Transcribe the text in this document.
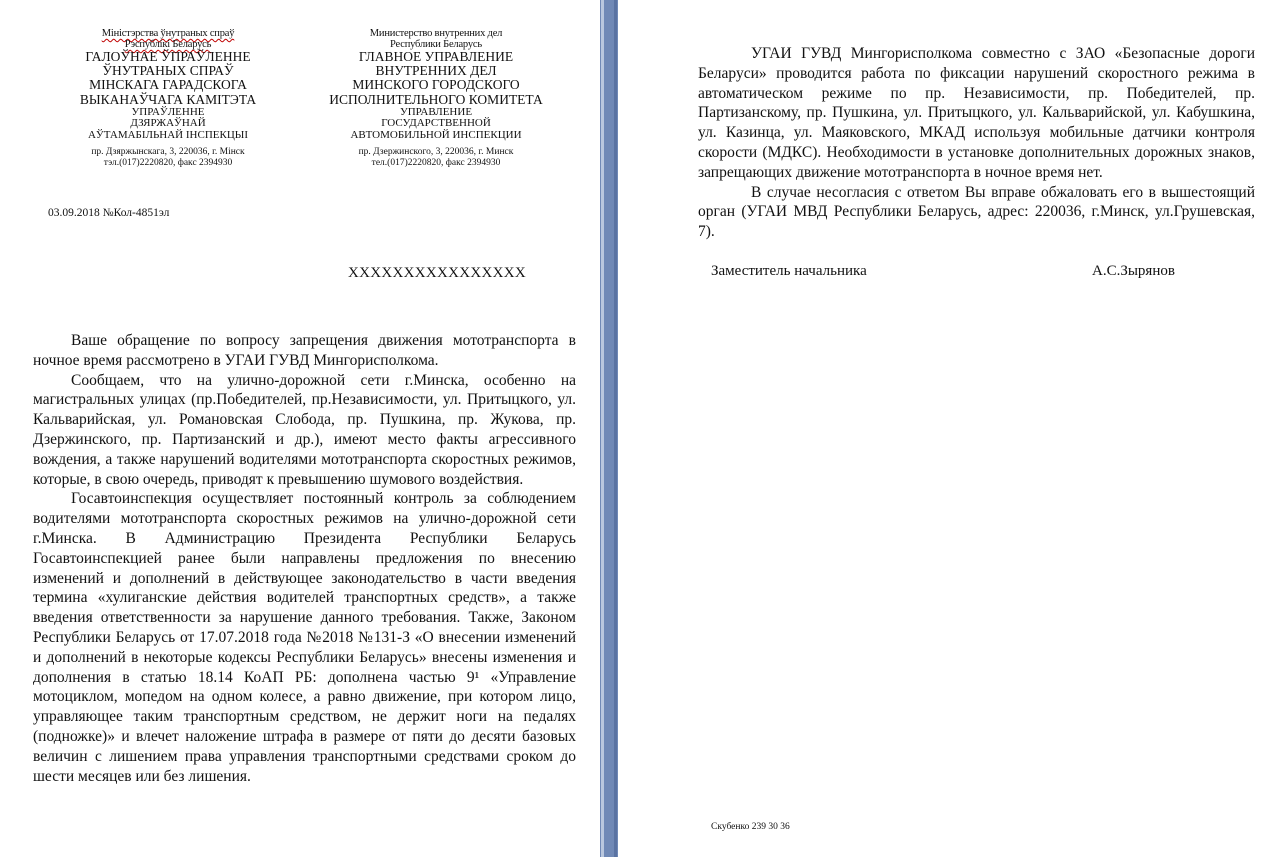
Міністэрства ўнутраных спраў
Рэспублікі Беларусь
ГАЛОЎНАЕ ЎПРАЎЛЕННЕ
ЎНУТРАНЫХ СПРАЎ
МІНСКАГА ГАРАДСКОГА
ВЫКАНАЎЧАГА КАМІТЭТА
УПРАЎЛЕННЕ
ДЗЯРЖАЎНАЙ
АЎТАМАБІЛЬНАЙ ІНСПЕКЦЫІ
пр. Дзяржынскага, 3, 220036, г. Мінск
тэл.(017)2220820, факс 2394930
Министерство внутренних дел
Республики Беларусь
ГЛАВНОЕ УПРАВЛЕНИЕ
ВНУТРЕННИХ ДЕЛ
МИНСКОГО ГОРОДСКОГО
ИСПОЛНИТЕЛЬНОГО КОМИТЕТА
УПРАВЛЕНИЕ
ГОСУДАРСТВЕННОЙ
АВТОМОБИЛЬНОЙ ИНСПЕКЦИИ
пр. Дзержинского, 3, 220036, г. Минск
тел.(017)2220820, факс 2394930
03.09.2018 №Кол-4851эл
XXXXXXXXXXXXXXXX

Ваше обращение по вопросу запрещения движения мототранспорта в ночное время рассмотрено в УГАИ ГУВД Мингорисполкома.

Сообщаем, что на улично-дорожной сети г.Минска, особенно на магистральных улицах (пр.Победителей, пр.Независимости, ул. Притыцкого, ул. Кальварийская, ул. Романовская Слобода, пр. Пушкина, пр. Жукова, пр. Дзержинского, пр. Партизанский и др.), имеют место факты агрессивного вождения, а также нарушений водителями мототранспорта скоростных режимов, которые, в свою очередь, приводят к превышению шумового воздействия.

Госавтоинспекция осуществляет постоянный контроль за соблюдением водителями мототранспорта скоростных режимов на улично-дорожной сети г.Минска. В Администрацию Президента Республики Беларусь Госавтоинспекцией ранее были направлены предложения по внесению изменений и дополнений в действующее законодательство в части введения термина «хулиганские действия водителей транспортных средств», а также введения ответственности за нарушение данного требования. Также, Законом Республики Беларусь от 17.07.2018 года №2018 №131-З «О внесении изменений и дополнений в некоторые кодексы Республики Беларусь» внесены изменения и дополнения в статью 18.14 КоАП РБ: дополнена частью 9¹ «Управление мотоциклом, мопедом на одном колесе, а равно движение, при котором лицо, управляющее таким транспортным средством, не держит ноги на педалях (подножке)» и влечет наложение штрафа в размере от пяти до десяти базовых величин с лишением права управления транспортными средствами сроком до шести месяцев или без лишения.

УГАИ ГУВД Мингорисполкома совместно с ЗАО «Безопасные дороги Беларуси» проводится работа по фиксации нарушений скоростного режима в автоматическом режиме по пр. Независимости, пр. Победителей, пр. Партизанскому, пр. Пушкина, ул. Притыцкого, ул. Кальварийской, ул. Кабушкина, ул. Казинца, ул. Маяковского, МКАД используя мобильные датчики контроля скорости (МДКС). Необходимости в установке дополнительных дорожных знаков, запрещающих движение мототранспорта в ночное время нет.

В случае несогласия с ответом Вы вправе обжаловать его в вышестоящий орган (УГАИ МВД Республики Беларусь, адрес: 220036, г.Минск, ул.Грушевская, 7).

Заместитель начальника	А.С.Зырянов
Скубенко 239 30 36
